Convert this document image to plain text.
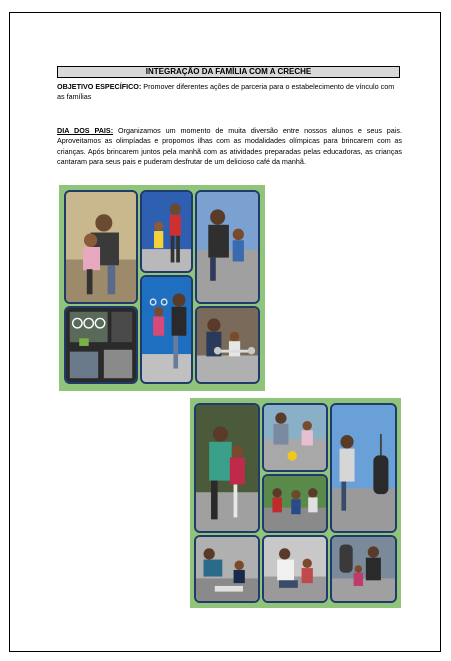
INTEGRAÇÃO DA FAMÍLIA COM A CRECHE
OBJETIVO ESPECÍFICO: Promover diferentes ações de parceria para o estabelecimento de vínculo com as famílias
DIA DOS PAIS: Organizamos um momento de muita diversão entre nossos alunos e seus pais. Aproveitamos as olimpíadas e propomos ilhas com as modalidades olímpicas para brincarem com as crianças. Após brincarem juntos pela manhã com as atividades preparadas pelas educadoras, as crianças cantaram para seus pais e puderam desfrutar de um delicioso café da manhã.
